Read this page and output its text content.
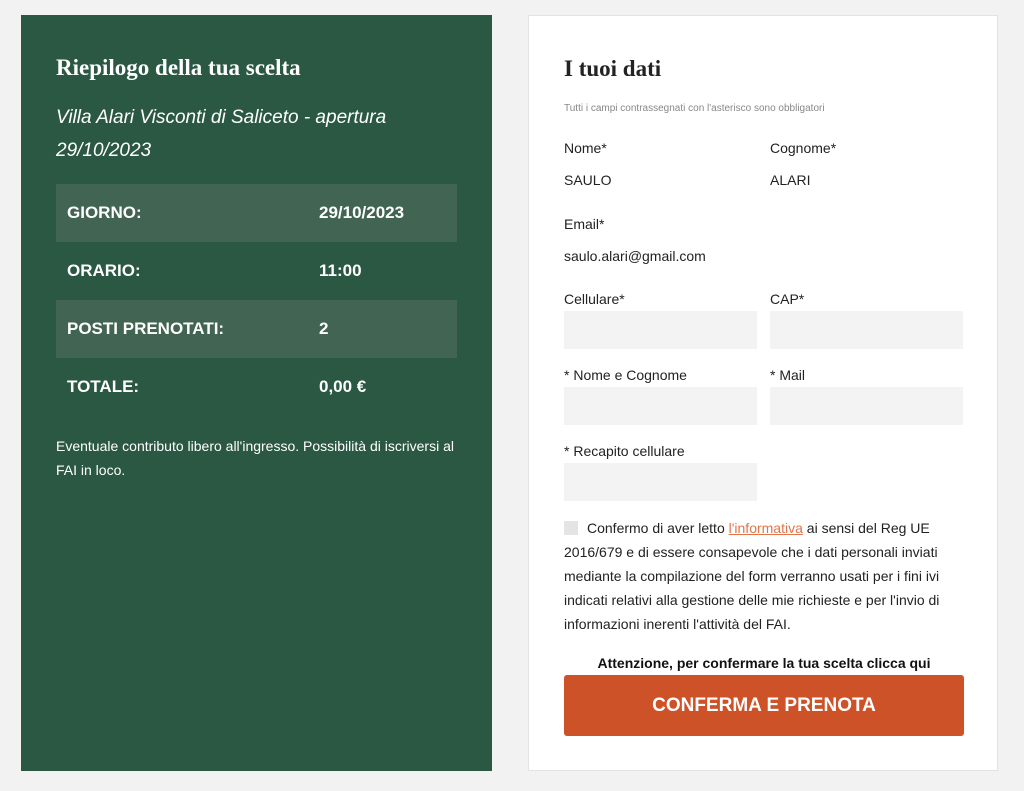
Riepilogo della tua scelta

Villa Alari Visconti di Saliceto - apertura 29/10/2023

GIORNO:	29/10/2023
ORARIO:	11:00
POSTI PRENOTATI:	2
TOTALE:	0,00 €

Eventuale contributo libero all'ingresso. Possibilità di iscriversi al FAI in loco.

I tuoi dati
Tutti i campi contrassegnati con l'asterisco sono obbligatori
Nome*
SAULO
Cognome*
ALARI
Email*
saulo.alari@gmail.com
Cellulare*	CAP*
* Nome e Cognome	* Mail
* Recapito cellulare
Confermo di aver letto l'informativa ai sensi del Reg UE 2016/679 e di essere consapevole che i dati personali inviati mediante la compilazione del form verranno usati per i fini ivi indicati relativi alla gestione delle mie richieste e per l'invio di informazioni inerenti l'attività del FAI.
Attenzione, per confermare la tua scelta clicca qui
CONFERMA E PRENOTA
